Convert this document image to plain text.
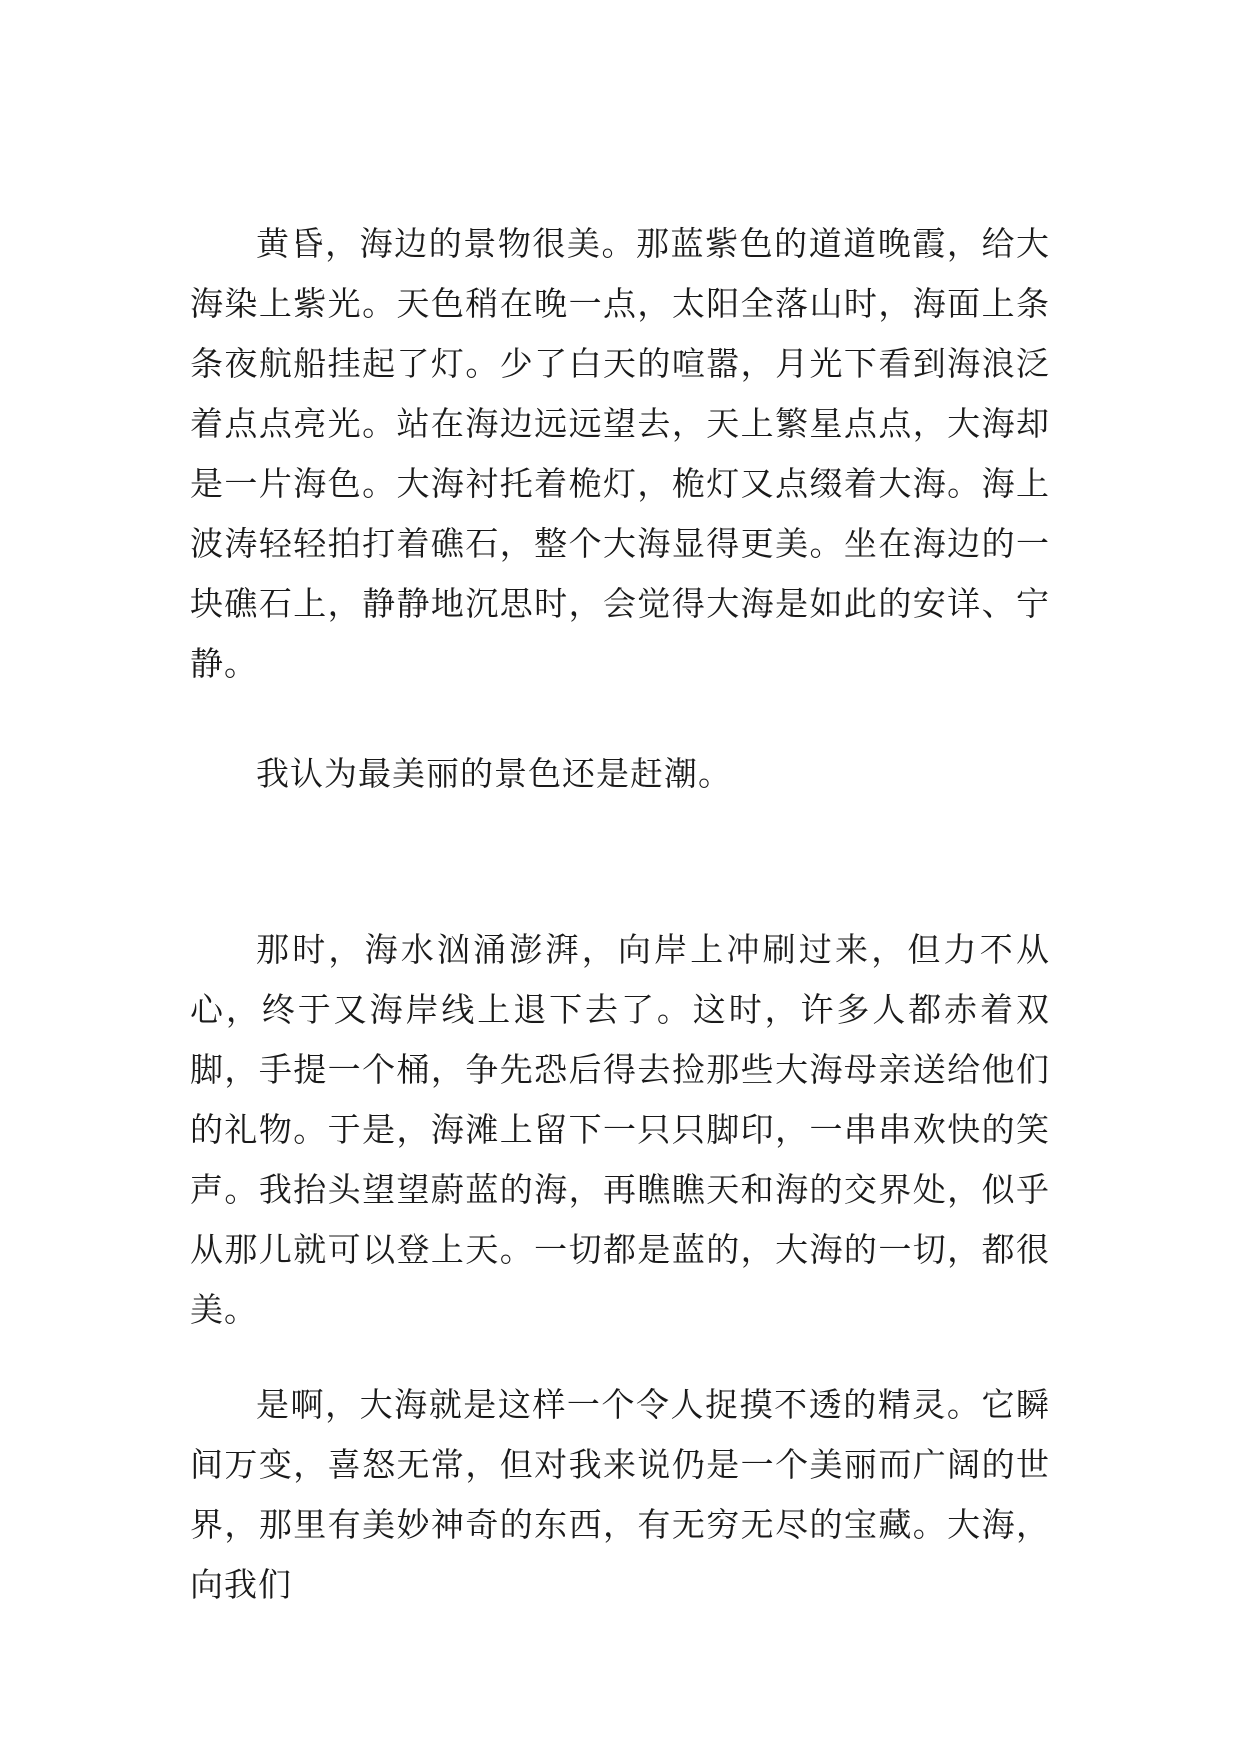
黄昏，海边的景物很美。那蓝紫色的道道晚霞，给大海染上紫光。天色稍在晚一点，太阳全落山时，海面上条条夜航船挂起了灯。少了白天的喧嚣，月光下看到海浪泛着点点亮光。站在海边远远望去，天上繁星点点，大海却是一片海色。大海衬托着桅灯，桅灯又点缀着大海。海上波涛轻轻拍打着礁石，整个大海显得更美。坐在海边的一块礁石上，静静地沉思时，会觉得大海是如此的安详、宁静。

我认为最美丽的景色还是赶潮。

那时，海水汹涌澎湃，向岸上冲刷过来，但力不从心，终于又海岸线上退下去了。这时，许多人都赤着双脚，手提一个桶，争先恐后得去捡那些大海母亲送给他们的礼物。于是，海滩上留下一只只脚印，一串串欢快的笑声。我抬头望望蔚蓝的海，再瞧瞧天和海的交界处，似乎从那儿就可以登上天。一切都是蓝的，大海的一切，都很美。

是啊，大海就是这样一个令人捉摸不透的精灵。它瞬间万变，喜怒无常，但对我来说仍是一个美丽而广阔的世界，那里有美妙神奇的东西，有无穷无尽的宝藏。大海，向我们
